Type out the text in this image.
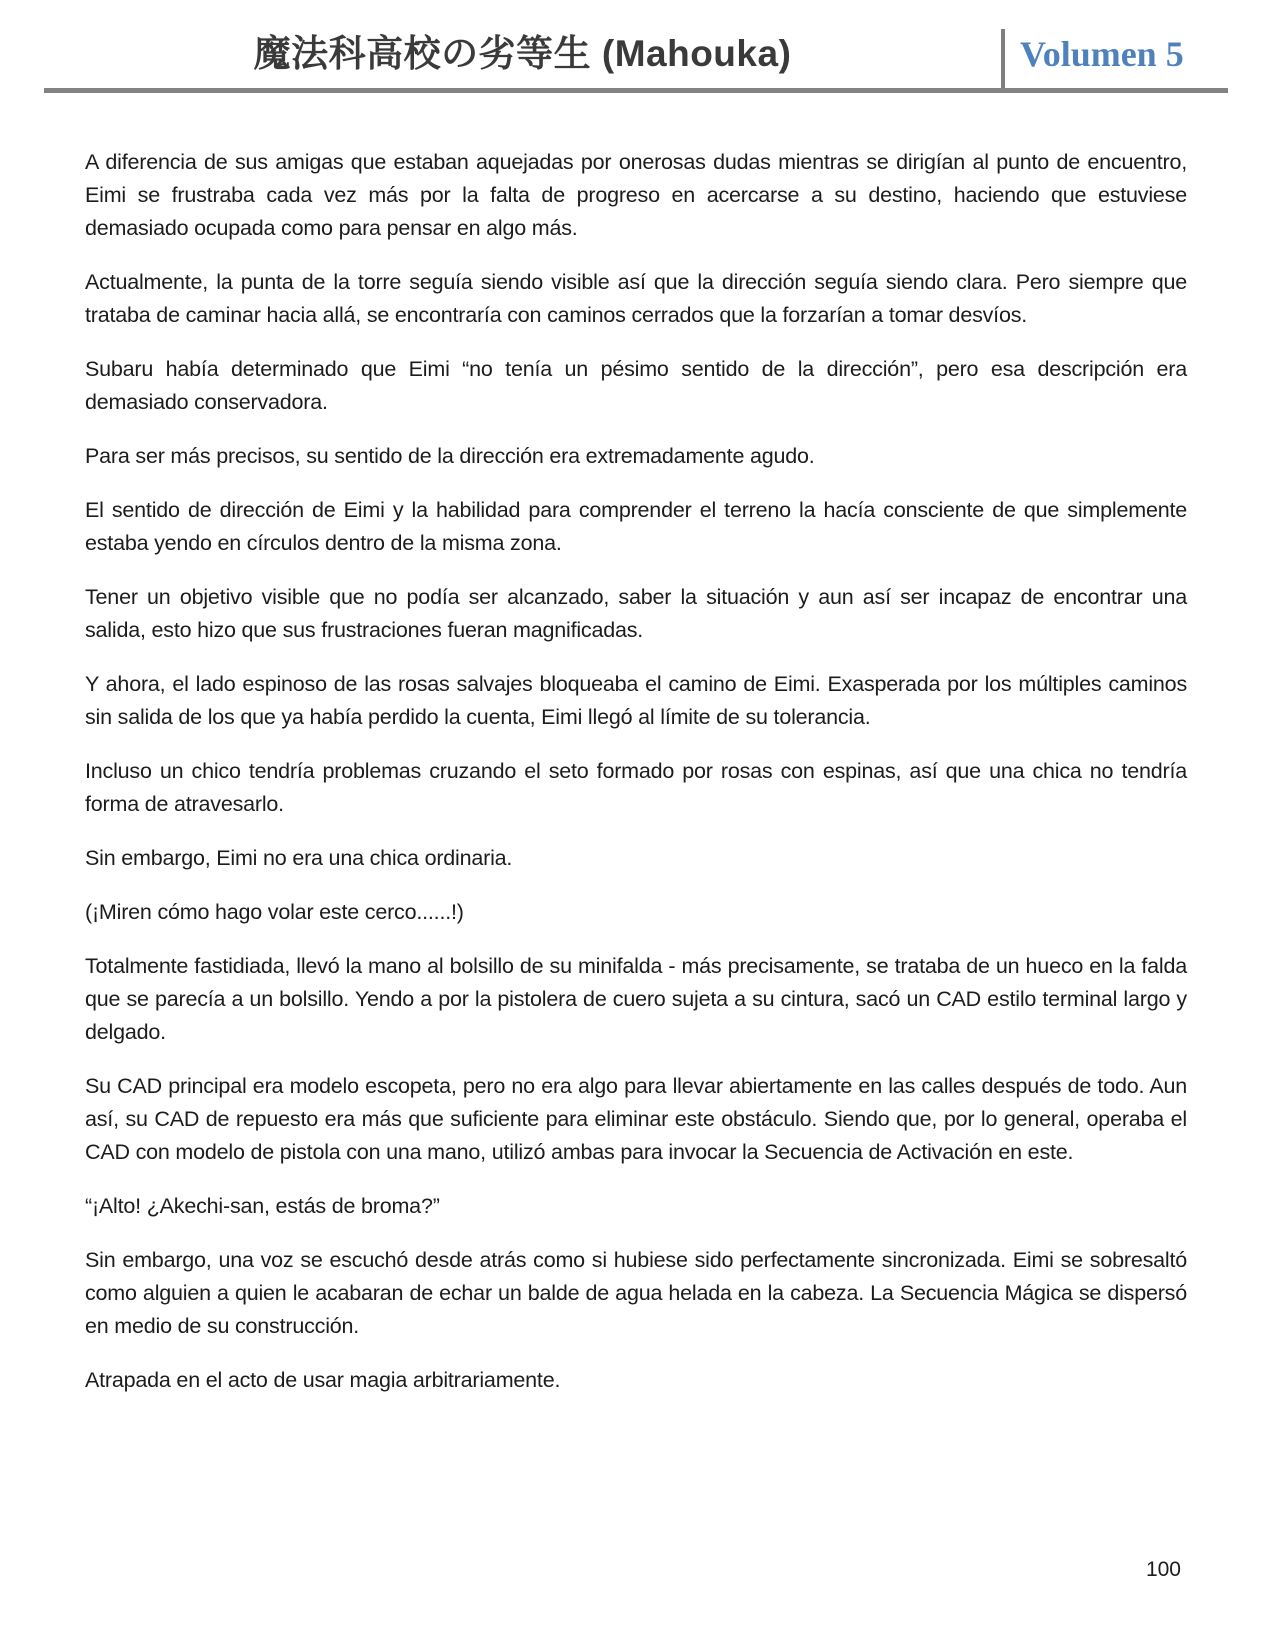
魔法科高校の劣等生 (Mahouka)	Volumen 5

A diferencia de sus amigas que estaban aquejadas por onerosas dudas mientras se dirigían al punto de encuentro, Eimi se frustraba cada vez más por la falta de progreso en acercarse a su destino, haciendo que estuviese demasiado ocupada como para pensar en algo más.

Actualmente, la punta de la torre seguía siendo visible así que la dirección seguía siendo clara. Pero siempre que trataba de caminar hacia allá, se encontraría con caminos cerrados que la forzarían a tomar desvíos.

Subaru había determinado que Eimi “no tenía un pésimo sentido de la dirección”, pero esa descripción era demasiado conservadora.

Para ser más precisos, su sentido de la dirección era extremadamente agudo.

El sentido de dirección de Eimi y la habilidad para comprender el terreno la hacía consciente de que simplemente estaba yendo en círculos dentro de la misma zona.

Tener un objetivo visible que no podía ser alcanzado, saber la situación y aun así ser incapaz de encontrar una salida, esto hizo que sus frustraciones fueran magnificadas.

Y ahora, el lado espinoso de las rosas salvajes bloqueaba el camino de Eimi. Exasperada por los múltiples caminos sin salida de los que ya había perdido la cuenta, Eimi llegó al límite de su tolerancia.

Incluso un chico tendría problemas cruzando el seto formado por rosas con espinas, así que una chica no tendría forma de atravesarlo.

Sin embargo, Eimi no era una chica ordinaria.

(¡Miren cómo hago volar este cerco......!)

Totalmente fastidiada, llevó la mano al bolsillo de su minifalda - más precisamente, se trataba de un hueco en la falda que se parecía a un bolsillo. Yendo a por la pistolera de cuero sujeta a su cintura, sacó un CAD estilo terminal largo y delgado.

Su CAD principal era modelo escopeta, pero no era algo para llevar abiertamente en las calles después de todo. Aun así, su CAD de repuesto era más que suficiente para eliminar este obstáculo. Siendo que, por lo general, operaba el CAD con modelo de pistola con una mano, utilizó ambas para invocar la Secuencia de Activación en este.

“¡Alto! ¿Akechi-san, estás de broma?”

Sin embargo, una voz se escuchó desde atrás como si hubiese sido perfectamente sincronizada. Eimi se sobresaltó como alguien a quien le acabaran de echar un balde de agua helada en la cabeza. La Secuencia Mágica se dispersó en medio de su construcción.

Atrapada en el acto de usar magia arbitrariamente.

100
